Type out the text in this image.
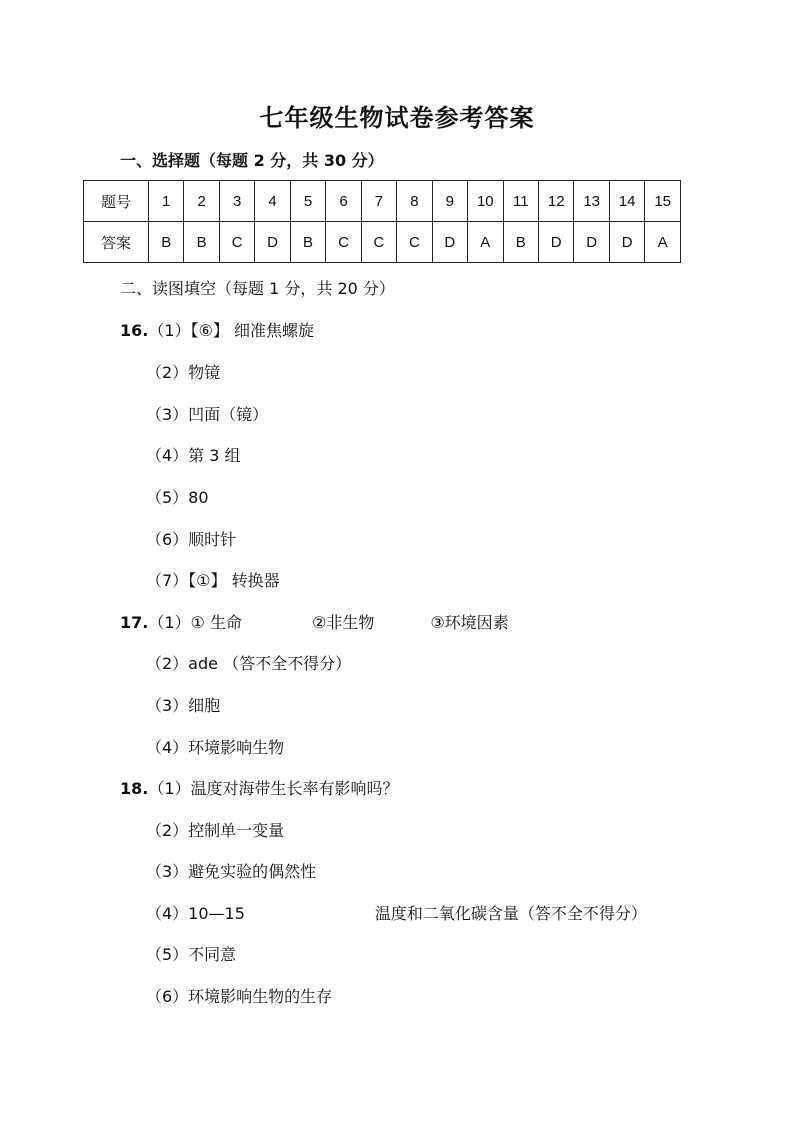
七年级生物试卷参考答案
一、选择题（每题 2 分，共 30 分）
题号	1	2	3	4	5	6	7	8	9	10	11	12	13	14	15
答案	B	B	C	D	B	C	C	C	D	A	B	D	D	D	A
二、读图填空（每题 1 分，共 20 分）
16.（1）【⑥】 细准焦螺旋
（2）物镜
（3）凹面（镜）
（4）第 3 组
（5）80
（6）顺时针
（7）【①】 转换器
17.（1）① 生命	②非生物	③环境因素
（2）ade （答不全不得分）
（3）细胞
（4）环境影响生物
18.（1）温度对海带生长率有影响吗？
（2）控制单一变量
（3）避免实验的偶然性
（4）10—15	温度和二氧化碳含量（答不全不得分）
（5）不同意
（6）环境影响生物的生存
